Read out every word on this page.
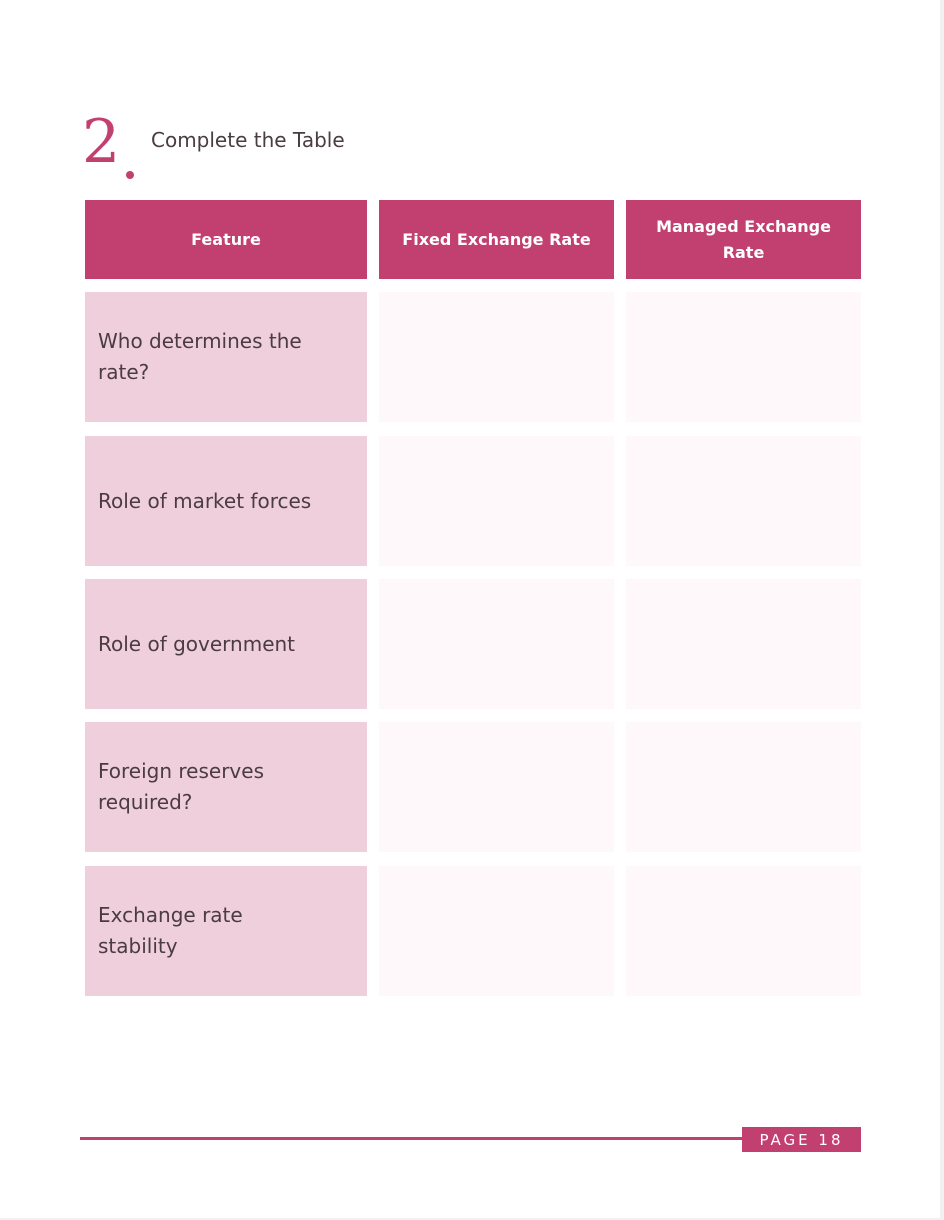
2 Complete the Table
Feature	Fixed Exchange Rate
Managed Exchange Rate
Who determines the rate?
Role of market forces
Role of government
Foreign reserves required?
Exchange rate stability
PAGE 18
